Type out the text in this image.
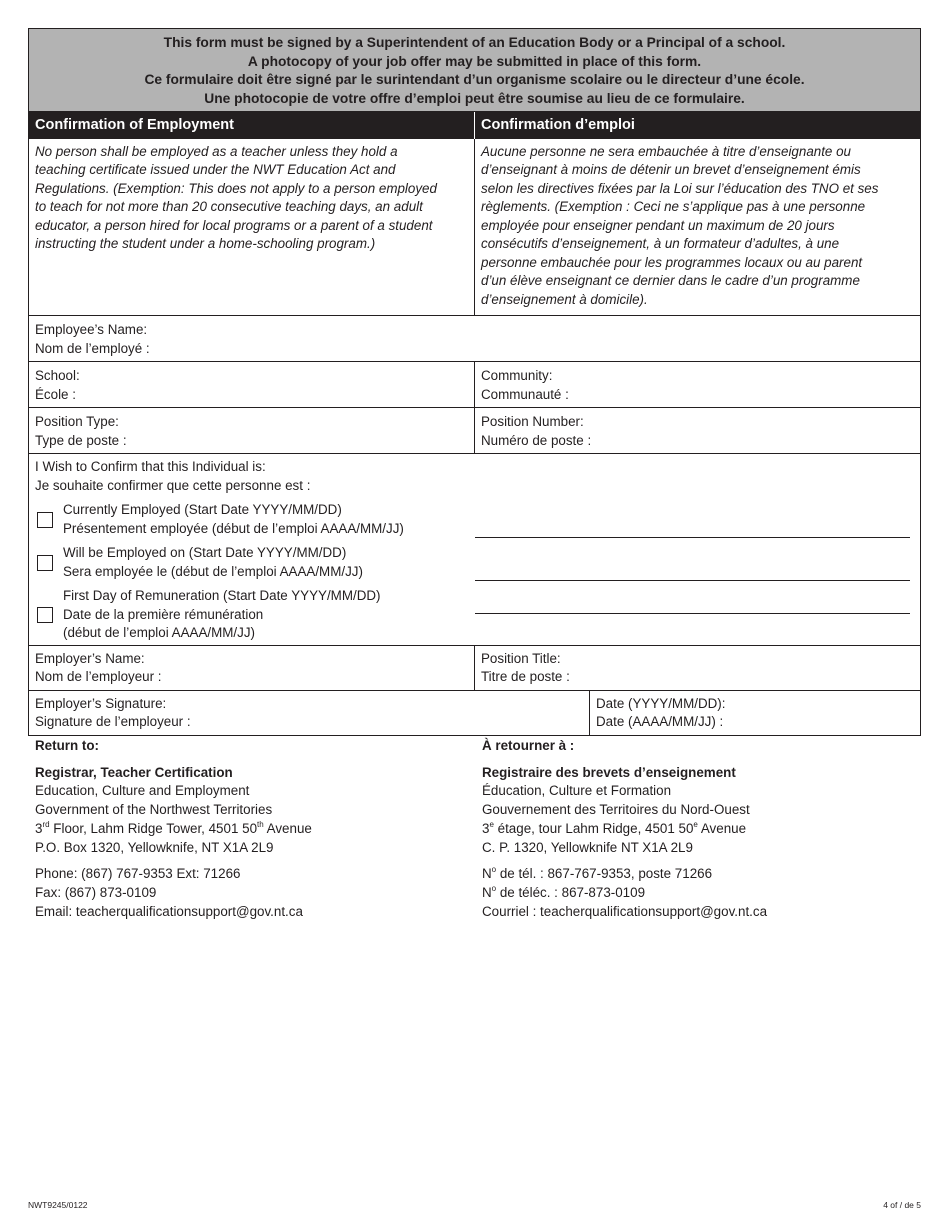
This form must be signed by a Superintendent of an Education Body or a Principal of a school.
A photocopy of your job offer may be submitted in place of this form.
Ce formulaire doit être signé par le surintendant d’un organisme scolaire ou le directeur d’une école.
Une photocopie de votre offre d’emploi peut être soumise au lieu de ce formulaire.
Confirmation of Employment	Confirmation d’emploi
No person shall be employed as a teacher unless they hold a
teaching certificate issued under the NWT Education Act and
Regulations. (Exemption: This does not apply to a person employed
to teach for not more than 20 consecutive teaching days, an adult
educator, a person hired for local programs or a parent of a student
instructing the student under a home-schooling program.)
Aucune personne ne sera embauchée à titre d’enseignante ou
d’enseignant à moins de détenir un brevet d’enseignement émis
selon les directives fixées par la Loi sur l’éducation des TNO et ses
règlements. (Exemption : Ceci ne s’applique pas à une personne
employée pour enseigner pendant un maximum de 20 jours
consécutifs d’enseignement, à un formateur d’adultes, à une
personne embauchée pour les programmes locaux ou au parent
d’un élève enseignant ce dernier dans le cadre d’un programme
d’enseignement à domicile).
Employee’s Name:
Nom de l’employé :
School:
École :
Community:
Communauté :
Position Type:
Type de poste :
Position Number:
Numéro de poste :
I Wish to Confirm that this Individual is:
Je souhaite confirmer que cette personne est :
Currently Employed (Start Date YYYY/MM/DD)
Présentement employée (début de l’emploi AAAA/MM/JJ)
Will be Employed on (Start Date YYYY/MM/DD)
Sera employée le (début de l’emploi AAAA/MM/JJ)
First Day of Remuneration (Start Date YYYY/MM/DD)
Date de la première rémunération
(début de l’emploi AAAA/MM/JJ)
Employer’s Name:
Nom de l’employeur :
Position Title:
Titre de poste :
Employer’s Signature:
Signature de l’employeur :
Date (YYYY/MM/DD):
Date (AAAA/MM/JJ) :
Return to:
Registrar, Teacher Certification
Education, Culture and Employment
Government of the Northwest Territories
3rd Floor, Lahm Ridge Tower, 4501 50th Avenue
P.O. Box 1320, Yellowknife, NT X1A 2L9
Phone: (867) 767-9353 Ext: 71266
Fax: (867) 873-0109
Email: teacherqualificationsupport@gov.nt.ca
À retourner à :
Registraire des brevets d’enseignement
Éducation, Culture et Formation
Gouvernement des Territoires du Nord-Ouest
3e étage, tour Lahm Ridge, 4501 50e Avenue
C. P. 1320, Yellowknife NT X1A 2L9
$N^o$ de tél. : 867-767-9353, poste 71266
$N^o$ de téléc. : 867-873-0109
Courriel : teacherqualificationsupport@gov.nt.ca
NWT9245/0122	4 of / de 5
